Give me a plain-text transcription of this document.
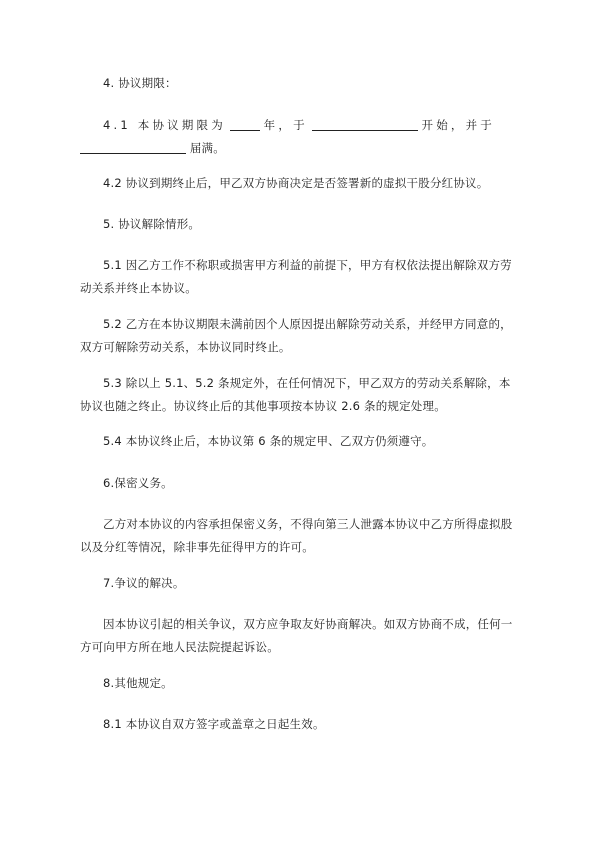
4. 协议期限：

4.1 本协议期限为	年，于	开始，并于
届满。

4.2 协议到期终止后，甲乙双方协商决定是否签署新的虚拟干股分红协议。

5. 协议解除情形。

5.1 因乙方工作不称职或损害甲方利益的前提下，甲方有权依法提出解除双方劳
动关系并终止本协议。
5.2 乙方在本协议期限未满前因个人原因提出解除劳动关系，并经甲方同意的，
双方可解除劳动关系，本协议同时终止。
5.3 除以上 5.1、5.2 条规定外，在任何情况下，甲乙双方的劳动关系解除，本
协议也随之终止。协议终止后的其他事项按本协议 2.6 条的规定处理。

5.4 本协议终止后，本协议第 6 条的规定甲、乙双方仍须遵守。

6.保密义务。

乙方对本协议的内容承担保密义务，不得向第三人泄露本协议中乙方所得虚拟股
以及分红等情况，除非事先征得甲方的许可。

7.争议的解决。

因本协议引起的相关争议，双方应争取友好协商解决。如双方协商不成，任何一
方可向甲方所在地人民法院提起诉讼。

8.其他规定。

8.1 本协议自双方签字或盖章之日起生效。
